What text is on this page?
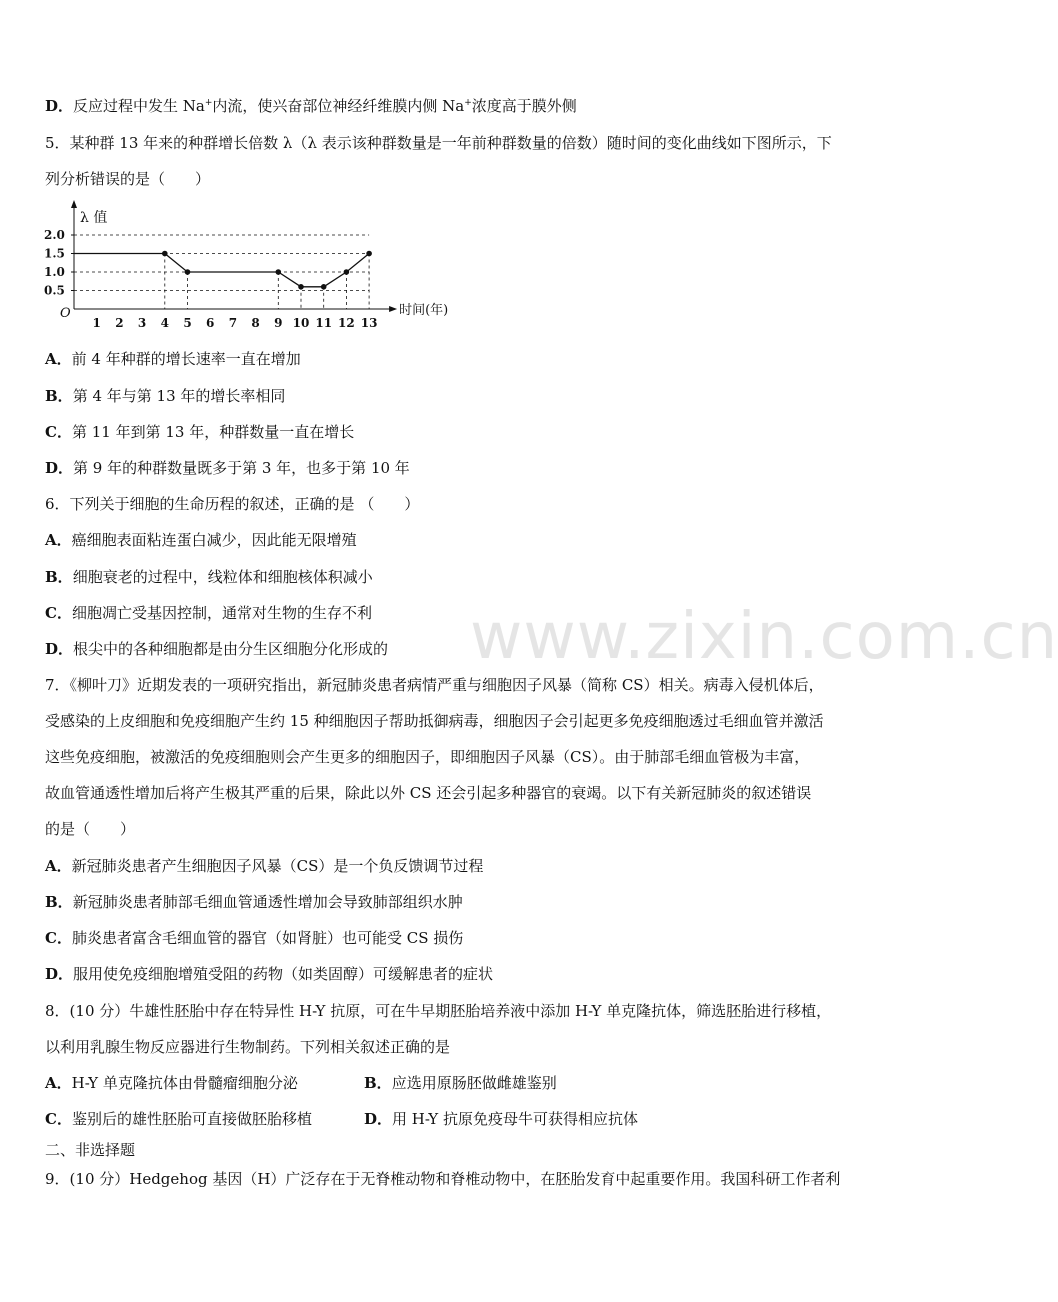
D．反应过程中发生 Na+内流，使兴奋部位神经纤维膜内侧 Na+浓度高于膜外侧
5．某种群 13 年来的种群增长倍数 λ（λ 表示该种群数量是一年前种群数量的倍数）随时间的变化曲线如下图所示，下
列分析错误的是（　　）
λ 值
时间(年)
O
0.5
1.0
1.5
2.0
1 2 3 4 5 6 7 8 9 10 11 12 13
A．前 4 年种群的增长速率一直在增加
B．第 4 年与第 13 年的增长率相同
C．第 11 年到第 13 年，种群数量一直在增长
D．第 9 年的种群数量既多于第 3 年，也多于第 10 年
6．下列关于细胞的生命历程的叙述，正确的是 （　　）
A．癌细胞表面粘连蛋白减少，因此能无限增殖
B．细胞衰老的过程中，线粒体和细胞核体积减小
C．细胞凋亡受基因控制，通常对生物的生存不利
D．根尖中的各种细胞都是由分生区细胞分化形成的
7．《柳叶刀》近期发表的一项研究指出，新冠肺炎患者病情严重与细胞因子风暴（简称 CS）相关。病毒入侵机体后，
受感染的上皮细胞和免疫细胞产生约 15 种细胞因子帮助抵御病毒，细胞因子会引起更多免疫细胞透过毛细血管并激活
这些免疫细胞，被激活的免疫细胞则会产生更多的细胞因子，即细胞因子风暴（CS）。由于肺部毛细血管极为丰富，
故血管通透性增加后将产生极其严重的后果，除此以外 CS 还会引起多种器官的衰竭。以下有关新冠肺炎的叙述错误
的是（　　）
A．新冠肺炎患者产生细胞因子风暴（CS）是一个负反馈调节过程
B．新冠肺炎患者肺部毛细血管通透性增加会导致肺部组织水肿
C．肺炎患者富含毛细血管的器官（如肾脏）也可能受 CS 损伤
D．服用使免疫细胞增殖受阻的药物（如类固醇）可缓解患者的症状
8．(10 分）牛雄性胚胎中存在特异性 H-Y 抗原，可在牛早期胚胎培养液中添加 H-Y 单克隆抗体，筛选胚胎进行移植，
以利用乳腺生物反应器进行生物制药。下列相关叙述正确的是
A．H-Y 单克隆抗体由骨髓瘤细胞分泌	B．应选用原肠胚做雌雄鉴别
C．鉴别后的雄性胚胎可直接做胚胎移植	D．用 H-Y 抗原免疫母牛可获得相应抗体
二、非选择题
9．(10 分）Hedgehog 基因（H）广泛存在于无脊椎动物和脊椎动物中，在胚胎发育中起重要作用。我国科研工作者利
www.zixin.com.cn
